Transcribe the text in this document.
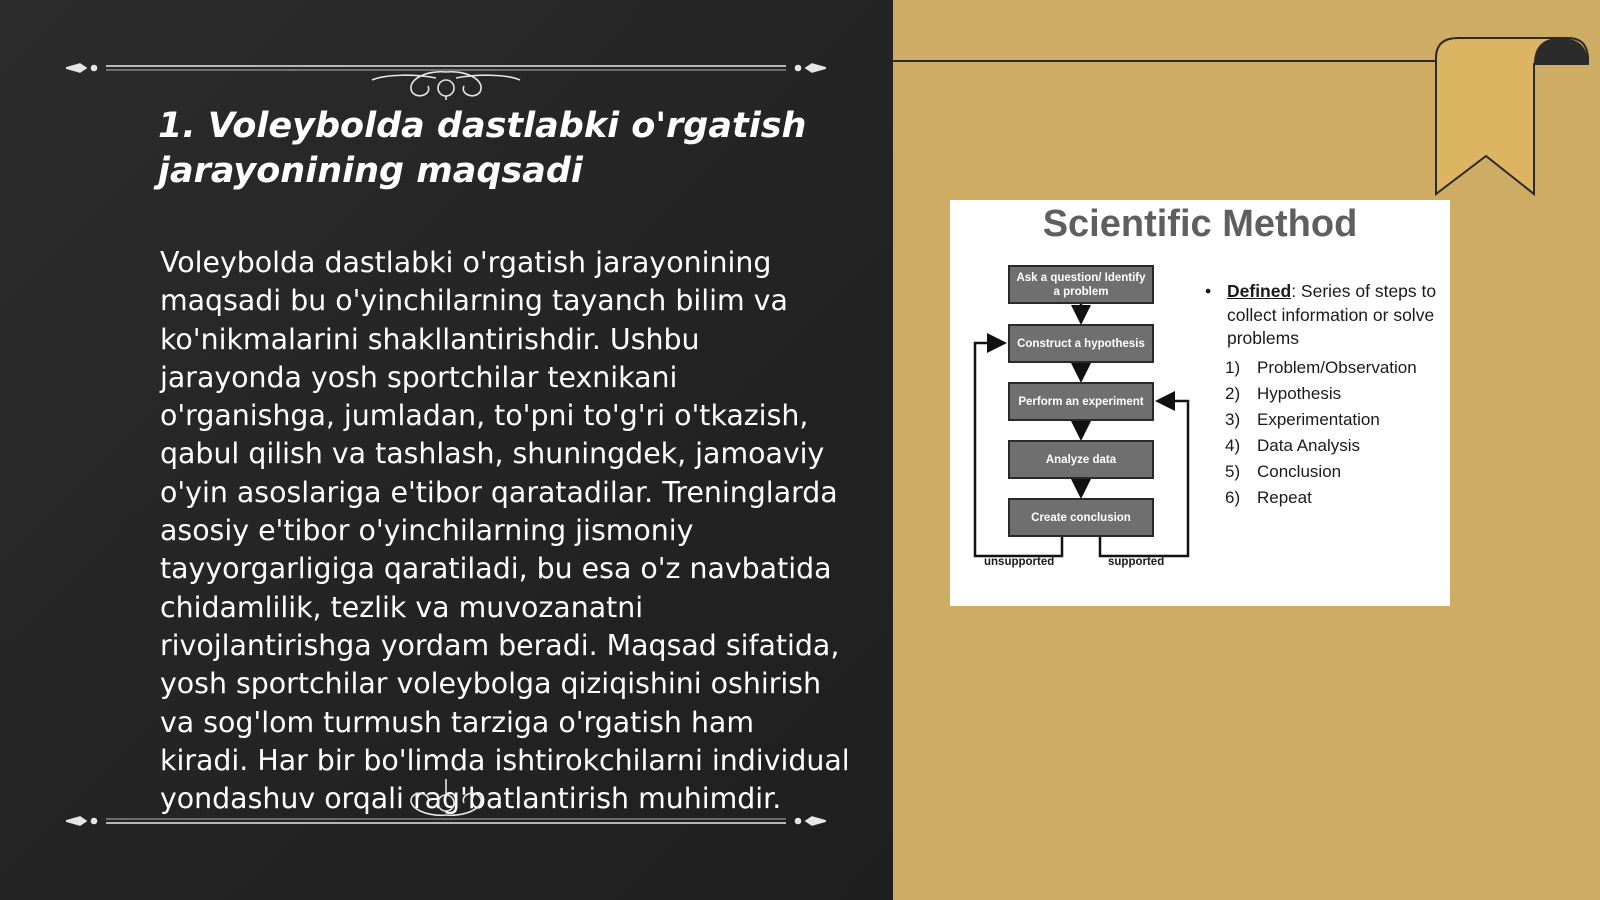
1. Voleybolda dastlabki o'rgatish jarayonining maqsadi

Voleybolda dastlabki o'rgatish jarayonining maqsadi bu o'yinchilarning tayanch bilim va ko'nikmalarini shakllantirishdir. Ushbu jarayonda yosh sportchilar texnikani o'rganishga, jumladan, to'pni to'g'ri o'tkazish, qabul qilish va tashlash, shuningdek, jamoaviy o'yin asoslariga e'tibor qaratadilar. Treninglarda asosiy e'tibor o'yinchilarning jismoniy tayyorgarligiga qaratiladi, bu esa o'z navbatida chidamlilik, tezlik va muvozanatni rivojlantirishga yordam beradi. Maqsad sifatida, yosh sportchilar voleybolga qiziqishini oshirish va sog'lom turmush tarziga o'rgatish ham kiradi. Har bir bo'limda ishtirokchilarni individual yondashuv orqali rag'batlantirish muhimdir.

Scientific Method
Ask a question/ Identify a problem
Construct a hypothesis
Perform an experiment
Analyze data
Create conclusion
unsupported	supported
• Defined: Series of steps to collect information or solve problems
1) Problem/Observation
2) Hypothesis
3) Experimentation
4) Data Analysis
5) Conclusion
6) Repeat
